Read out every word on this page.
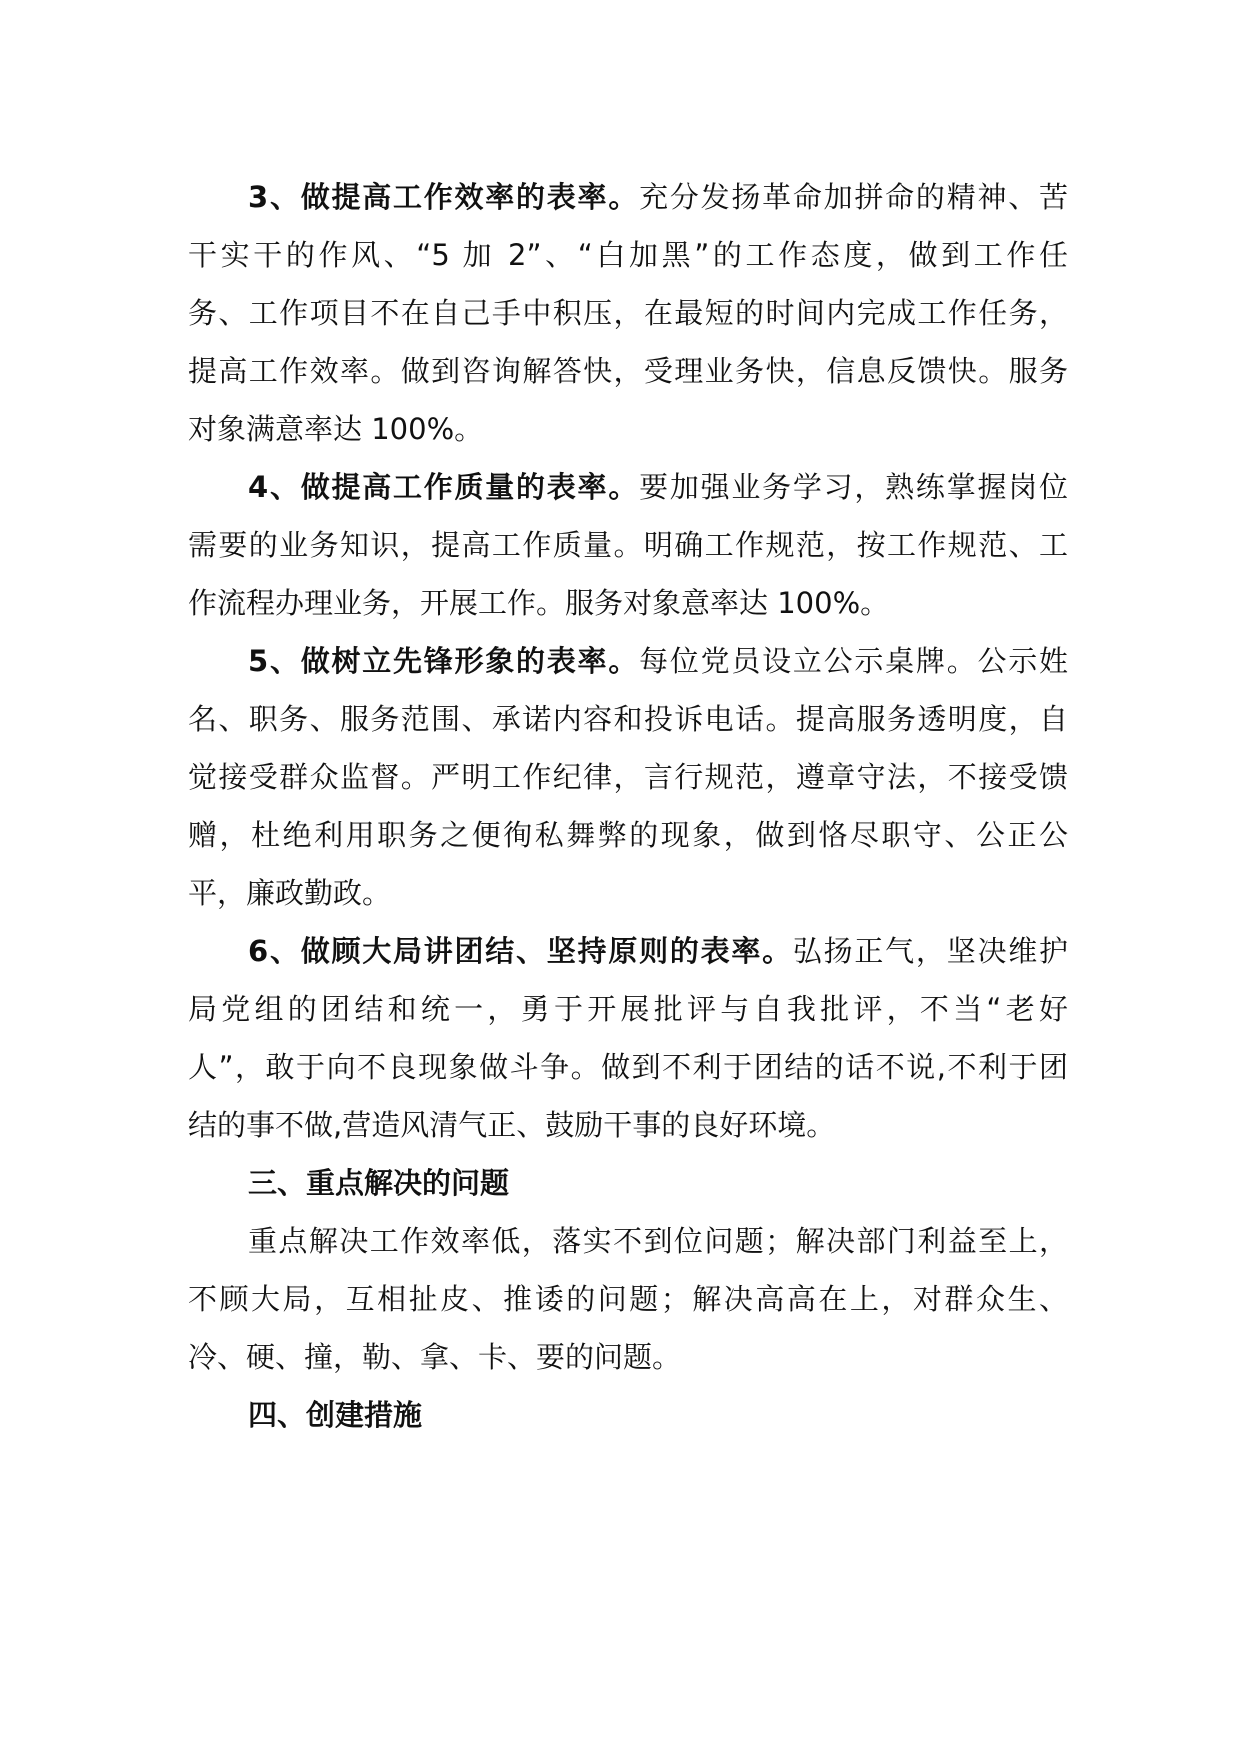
3、做提高工作效率的表率。充分发扬革命加拼命的精神、苦
干实干的作风、“5 加 2”、“白加黑”的工作态度，做到工作任
务、工作项目不在自己手中积压，在最短的时间内完成工作任务，
提高工作效率。做到咨询解答快，受理业务快，信息反馈快。服务
对象满意率达 100%。
4、做提高工作质量的表率。要加强业务学习，熟练掌握岗位
需要的业务知识，提高工作质量。明确工作规范，按工作规范、工
作流程办理业务，开展工作。服务对象意率达 100%。
5、做树立先锋形象的表率。每位党员设立公示桌牌。公示姓
名、职务、服务范围、承诺内容和投诉电话。提高服务透明度，自
觉接受群众监督。严明工作纪律，言行规范，遵章守法，不接受馈
赠，杜绝利用职务之便徇私舞弊的现象，做到恪尽职守、公正公
平，廉政勤政。
6、做顾大局讲团结、坚持原则的表率。弘扬正气，坚决维护
局党组的团结和统一，勇于开展批评与自我批评，不当“老好
人”，敢于向不良现象做斗争。做到不利于团结的话不说,不利于团
结的事不做,营造风清气正、鼓励干事的良好环境。
三、重点解决的问题
重点解决工作效率低，落实不到位问题；解决部门利益至上，
不顾大局，互相扯皮、推诿的问题；解决高高在上，对群众生、
冷、硬、撞，勒、拿、卡、要的问题。
四、创建措施
